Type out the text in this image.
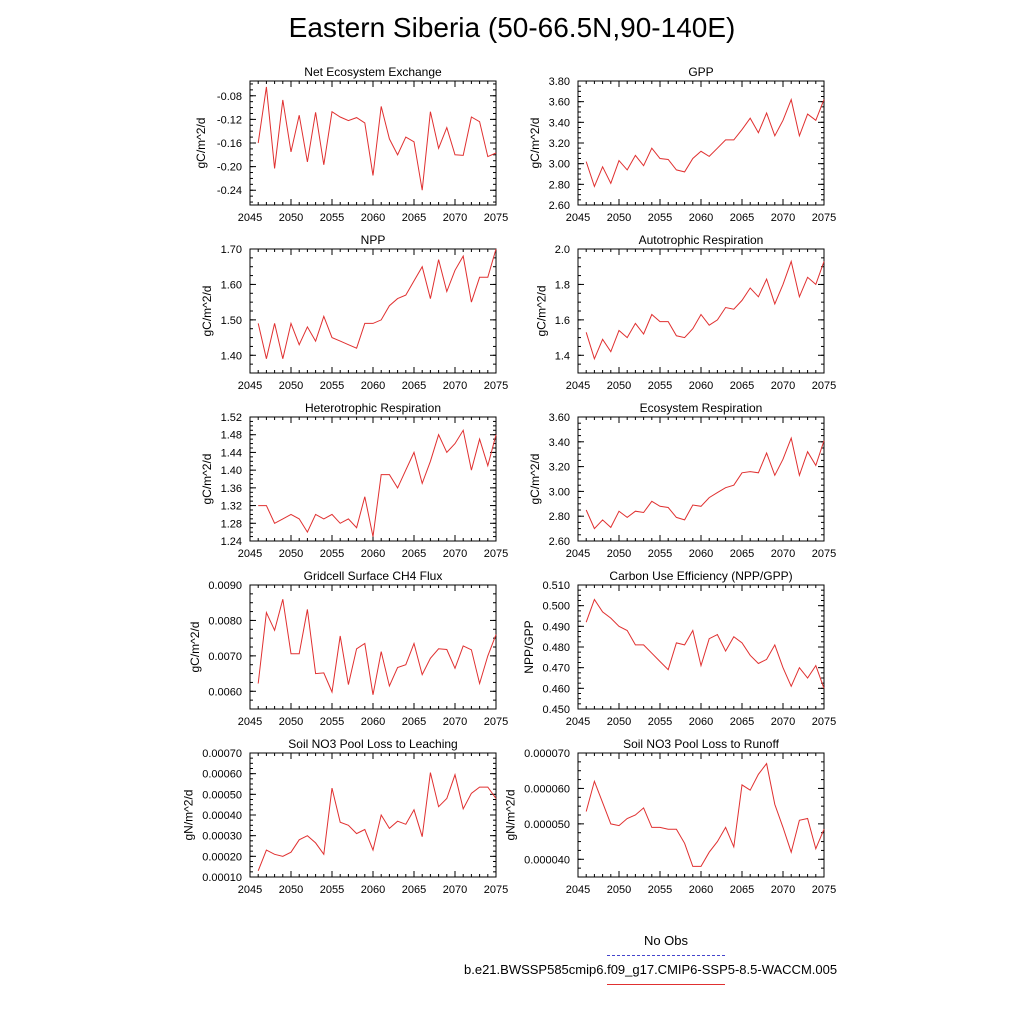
Eastern Siberia (50-66.5N,90-140E)
Net Ecosystem Exchange
2045 2050 2055 2060 2065 2070 2075
-0.08
-0.12
-0.16
-0.20
-0.24
gC/m^2/d
GPP
2045 2050 2055 2060 2065 2070 2075
2.60
2.80
3.00
3.20
3.40
3.60
3.80
gC/m^2/d
NPP
2045 2050 2055 2060 2065 2070 2075
1.40
1.50
1.60
1.70
gC/m^2/d
Autotrophic Respiration
2045 2050 2055 2060 2065 2070 2075
1.4
1.6
1.8
2.0
gC/m^2/d
Heterotrophic Respiration
2045 2050 2055 2060 2065 2070 2075
1.24
1.28
1.32
1.36
1.40
1.44
1.48
1.52
gC/m^2/d
Ecosystem Respiration
2045 2050 2055 2060 2065 2070 2075
2.60
2.80
3.00
3.20
3.40
3.60
gC/m^2/d
Gridcell Surface CH4 Flux
2045 2050 2055 2060 2065 2070 2075
0.0060
0.0070
0.0080
0.0090
gC/m^2/d
Carbon Use Efficiency (NPP/GPP)
2045 2050 2055 2060 2065 2070 2075
0.450
0.460
0.470
0.480
0.490
0.500
0.510
NPP/GPP
Soil NO3 Pool Loss to Leaching
2045 2050 2055 2060 2065 2070 2075
0.00010
0.00020
0.00030
0.00040
0.00050
0.00060
0.00070
gN/m^2/d
Soil NO3 Pool Loss to Runoff
2045 2050 2055 2060 2065 2070 2075
0.000040
0.000050
0.000060
0.000070
gN/m^2/d
No Obs
b.e21.BWSSP585cmip6.f09_g17.CMIP6-SSP5-8.5-WACCM.005
